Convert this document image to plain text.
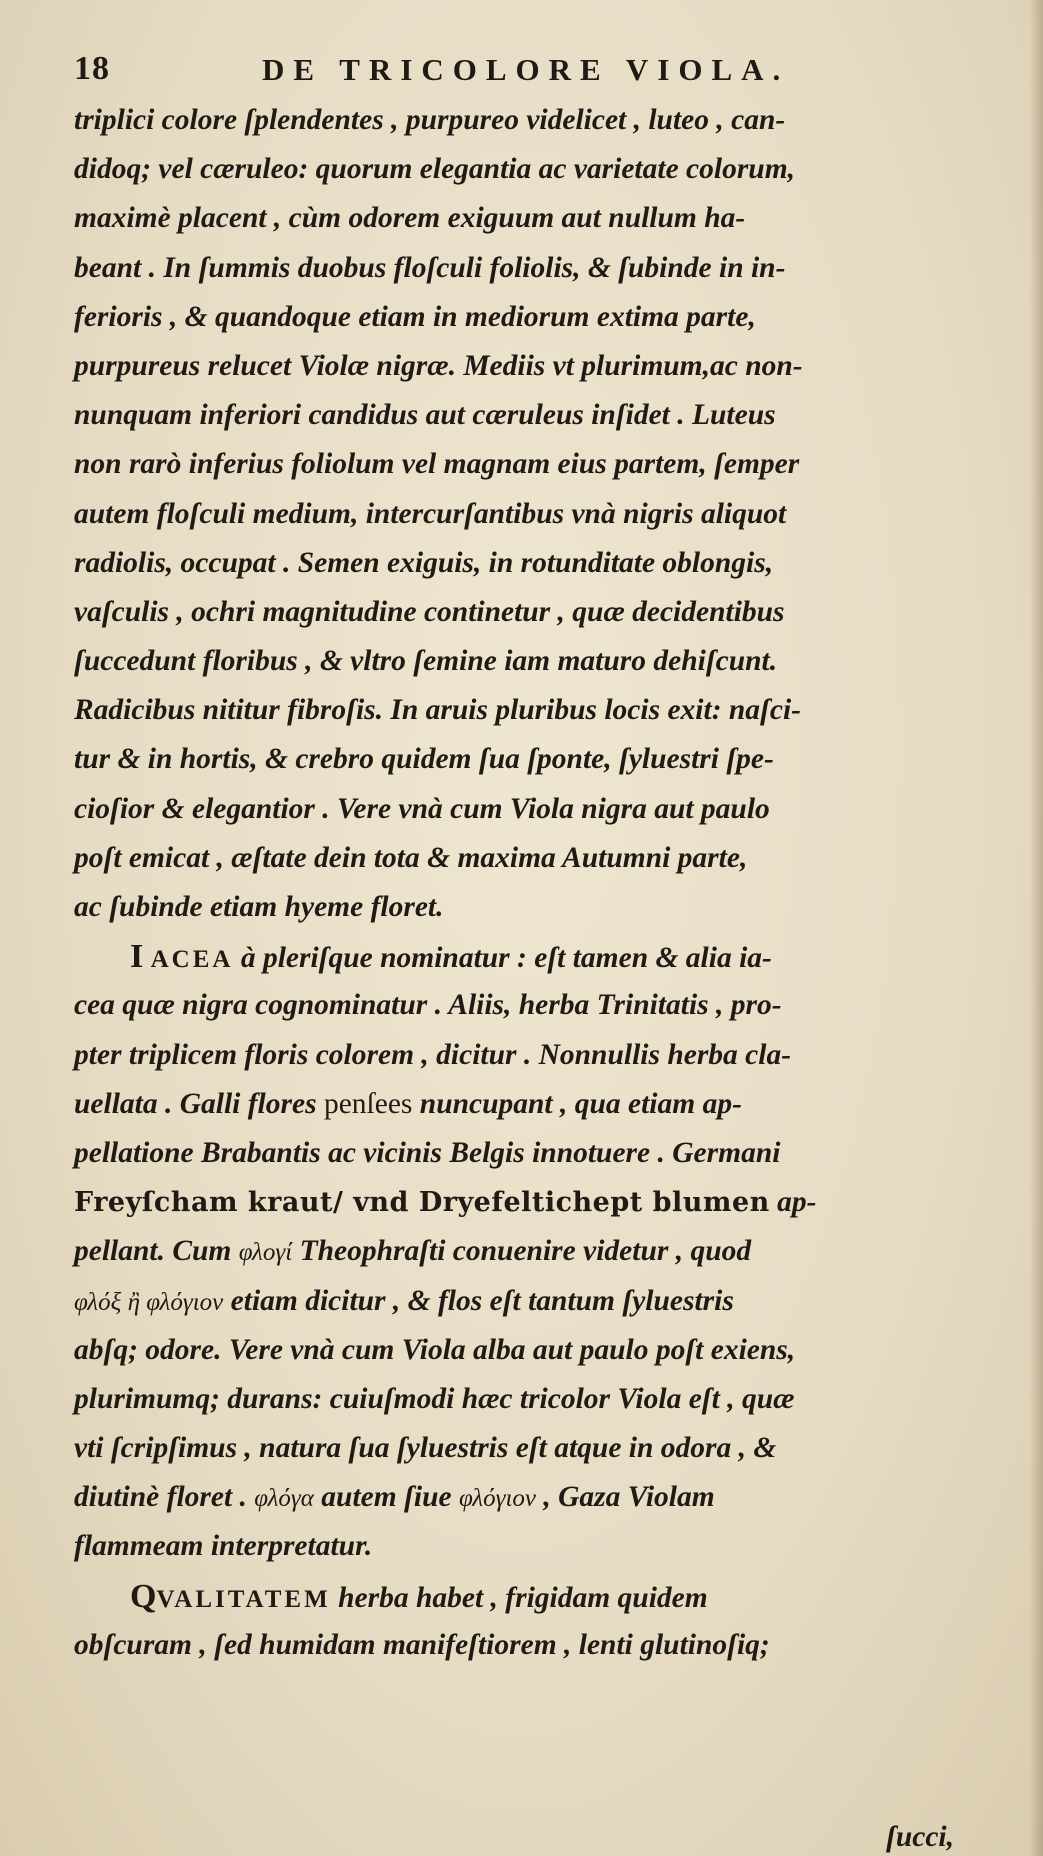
18	DE TRICOLORE VIOLA.
triplici colore ſplendentes , purpureo videlicet , luteo , can-
didoq; vel cæruleo: quorum elegantia ac varietate colorum,
maximè placent , cùm odorem exiguum aut nullum ha-
beant . In ſummis duobus floſculi foliolis, & ſubinde in in-
ferioris , & quandoque etiam in mediorum extima parte,
purpureus relucet Violæ nigræ. Mediis vt plurimum,ac non-
nunquam inferiori candidus aut cæruleus inſidet . Luteus
non rarò inferius foliolum vel magnam eius partem, ſemper
autem floſculi medium, intercurſantibus vnà nigris aliquot
radiolis, occupat . Semen exiguis, in rotunditate oblongis,
vaſculis , ochri magnitudine continetur , quæ decidentibus
ſuccedunt floribus , & vltro ſemine iam maturo dehiſcunt.
Radicibus nititur fibroſis. In aruis pluribus locis exit: naſci-
tur & in hortis, & crebro quidem ſua ſponte, ſyluestri ſpe-
cioſior & elegantior . Vere vnà cum Viola nigra aut paulo
poſt emicat , æſtate dein tota & maxima Autumni parte,
ac ſubinde etiam hyeme floret.
I ACEA à pleriſque nominatur : eſt tamen & alia ia-
cea quæ nigra cognominatur . Aliis, herba Trinitatis , pro-
pter triplicem floris colorem , dicitur . Nonnullis herba cla-
uellata . Galli flores penſees nuncupant , qua etiam ap-
pellatione Brabantis ac vicinis Belgis innotuere . Germani
Freyſcham kraut/ vnd Dryefeltichept blumen ap-
pellant. Cum φλογί Theophraſti conuenire videtur , quod
φλόξ ἢ φλόγιον etiam dicitur , & flos eſt tantum ſyluestris
abſq; odore. Vere vnà cum Viola alba aut paulo poſt exiens,
plurimumq; durans: cuiuſmodi hæc tricolor Viola eſt , quæ
vti ſcripſimus , natura ſua ſyluestris eſt atque in odora , &
diutinè floret . φλόγα autem ſiue φλόγιον , Gaza Violam
flammeam interpretatur.
QVALITATEM herba habet , frigidam quidem
obſcuram , ſed humidam manifeſtiorem , lenti glutinoſiq;
ſucci,
